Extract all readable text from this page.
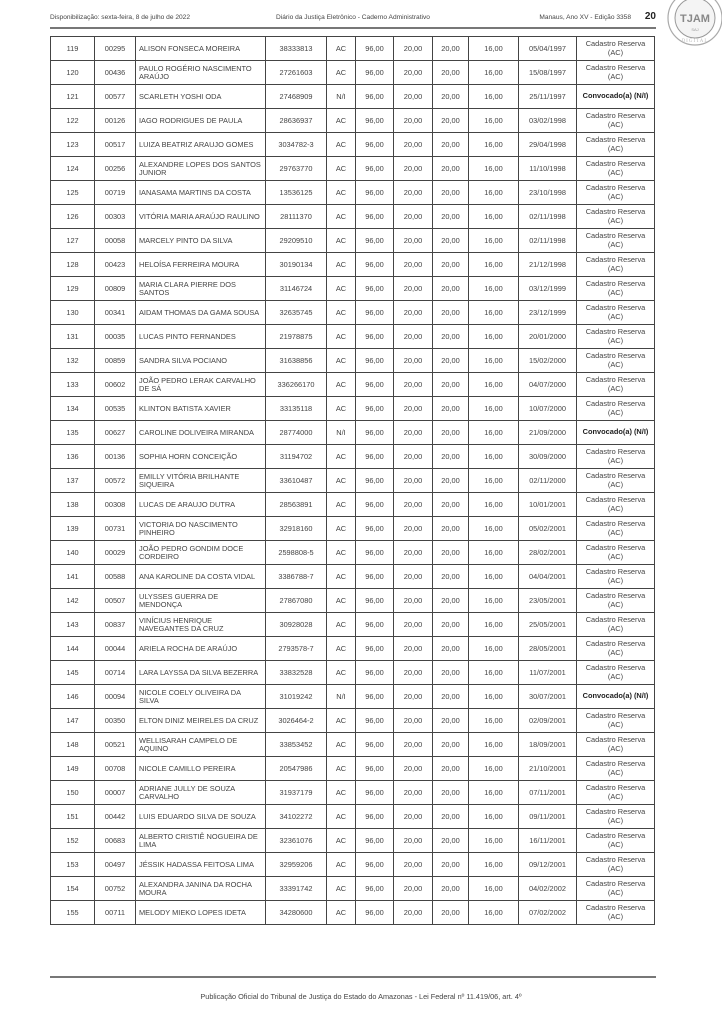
Disponibilização: sexta-feira, 8 de julho de 2022	Diário da Justiça Eletrônico - Caderno Administrativo	Manaus, Ano XV - Edição 3358 20 TJAM
SAJ
DIGITAL
119	00295	ALISON FONSECA MOREIRA	38333813	AC	96,00	20,00	20,00	16,00	05/04/1997	Cadastro Reserva (AC)
120	00436	PAULO ROGÉRIO NASCIMENTO ARAÚJO	27261603	AC	96,00	20,00	20,00	16,00	15/08/1997	Cadastro Reserva (AC)
121	00577	SCARLETH YOSHI ODA	27468909	N/I	96,00	20,00	20,00	16,00	25/11/1997	Convocado(a) (N/I)
122	00126	IAGO RODRIGUES DE PAULA	28636937	AC	96,00	20,00	20,00	16,00	03/02/1998	Cadastro Reserva (AC)
123	00517	LUIZA BEATRIZ ARAUJO GOMES	3034782-3	AC	96,00	20,00	20,00	16,00	29/04/1998	Cadastro Reserva (AC)
124	00256	ALEXANDRE LOPES DOS SANTOS JUNIOR	29763770	AC	96,00	20,00	20,00	16,00	11/10/1998	Cadastro Reserva (AC)
125	00719	IANASAMA MARTINS DA COSTA	13536125	AC	96,00	20,00	20,00	16,00	23/10/1998	Cadastro Reserva (AC)
126	00303	VITÓRIA MARIA ARAÚJO RAULINO	28111370	AC	96,00	20,00	20,00	16,00	02/11/1998	Cadastro Reserva (AC)
127	00058	MARCELY PINTO DA SILVA	29209510	AC	96,00	20,00	20,00	16,00	02/11/1998	Cadastro Reserva (AC)
128	00423	HELOÍSA FERREIRA MOURA	30190134	AC	96,00	20,00	20,00	16,00	21/12/1998	Cadastro Reserva (AC)
129	00809	MARIA CLARA PIERRE DOS SANTOS	31146724	AC	96,00	20,00	20,00	16,00	03/12/1999	Cadastro Reserva (AC)
130	00341	AIDAM THOMAS DA GAMA SOUSA	32635745	AC	96,00	20,00	20,00	16,00	23/12/1999	Cadastro Reserva (AC)
131	00035	LUCAS PINTO FERNANDES	21978875	AC	96,00	20,00	20,00	16,00	20/01/2000	Cadastro Reserva (AC)
132	00859	SANDRA SILVA POCIANO	31638856	AC	96,00	20,00	20,00	16,00	15/02/2000	Cadastro Reserva (AC)
133	00602	JOÃO PEDRO LERAK CARVALHO DE SÁ	336266170	AC	96,00	20,00	20,00	16,00	04/07/2000	Cadastro Reserva (AC)
134	00535	KLINTON BATISTA XAVIER	33135118	AC	96,00	20,00	20,00	16,00	10/07/2000	Cadastro Reserva (AC)
135	00627	CAROLINE DOLIVEIRA MIRANDA	28774000	N/I	96,00	20,00	20,00	16,00	21/09/2000	Convocado(a) (N/I)
136	00136	SOPHIA HORN CONCEIÇÃO	31194702	AC	96,00	20,00	20,00	16,00	30/09/2000	Cadastro Reserva (AC)
137	00572	EMILLY VITÓRIA BRILHANTE SIQUEIRA	33610487	AC	96,00	20,00	20,00	16,00	02/11/2000	Cadastro Reserva (AC)
138	00308	LUCAS DE ARAUJO DUTRA	28563891	AC	96,00	20,00	20,00	16,00	10/01/2001	Cadastro Reserva (AC)
139	00731	VICTORIA DO NASCIMENTO PINHEIRO	32918160	AC	96,00	20,00	20,00	16,00	05/02/2001	Cadastro Reserva (AC)
140	00029	JOÃO PEDRO GONDIM DOCE CORDEIRO	2598808-5	AC	96,00	20,00	20,00	16,00	28/02/2001	Cadastro Reserva (AC)
141	00588	ANA KAROLINE DA COSTA VIDAL	3386788-7	AC	96,00	20,00	20,00	16,00	04/04/2001	Cadastro Reserva (AC)
142	00507	ULYSSES GUERRA DE MENDONÇA	27867080	AC	96,00	20,00	20,00	16,00	23/05/2001	Cadastro Reserva (AC)
143	00837	VINÍCIUS HENRIQUE NAVEGANTES DA CRUZ	30928028	AC	96,00	20,00	20,00	16,00	25/05/2001	Cadastro Reserva (AC)
144	00044	ARIELA ROCHA DE ARAÚJO	2793578-7	AC	96,00	20,00	20,00	16,00	28/05/2001	Cadastro Reserva (AC)
145	00714	LARA LAYSSA DA SILVA BEZERRA	33832528	AC	96,00	20,00	20,00	16,00	11/07/2001	Cadastro Reserva (AC)
146	00094	NICOLE COELY OLIVEIRA DA SILVA	31019242	N/I	96,00	20,00	20,00	16,00	30/07/2001	Convocado(a) (N/I)
147	00350	ELTON DINIZ MEIRELES DA CRUZ	3026464-2	AC	96,00	20,00	20,00	16,00	02/09/2001	Cadastro Reserva (AC)
148	00521	WELLISARAH CAMPELO DE AQUINO	33853452	AC	96,00	20,00	20,00	16,00	18/09/2001	Cadastro Reserva (AC)
149	00708	NICOLE CAMILLO PEREIRA	20547986	AC	96,00	20,00	20,00	16,00	21/10/2001	Cadastro Reserva (AC)
150	00007	ADRIANE JULLY DE SOUZA CARVALHO	31937179	AC	96,00	20,00	20,00	16,00	07/11/2001	Cadastro Reserva (AC)
151	00442	LUIS EDUARDO SILVA DE SOUZA	34102272	AC	96,00	20,00	20,00	16,00	09/11/2001	Cadastro Reserva (AC)
152	00683	ALBERTO CRISTIÊ NOGUEIRA DE LIMA	32361076	AC	96,00	20,00	20,00	16,00	16/11/2001	Cadastro Reserva (AC)
153	00497	JÉSSIK HADASSA FEITOSA LIMA	32959206	AC	96,00	20,00	20,00	16,00	09/12/2001	Cadastro Reserva (AC)
154	00752	ALEXANDRA JANINA DA ROCHA MOURA	33391742	AC	96,00	20,00	20,00	16,00	04/02/2002	Cadastro Reserva (AC)
155	00711	MELODY MIEKO LOPES IDETA	34280600	AC	96,00	20,00	20,00	16,00	07/02/2002	Cadastro Reserva (AC)
Publicação Oficial do Tribunal de Justiça do Estado do Amazonas - Lei Federal nº 11.419/06, art. 4º
